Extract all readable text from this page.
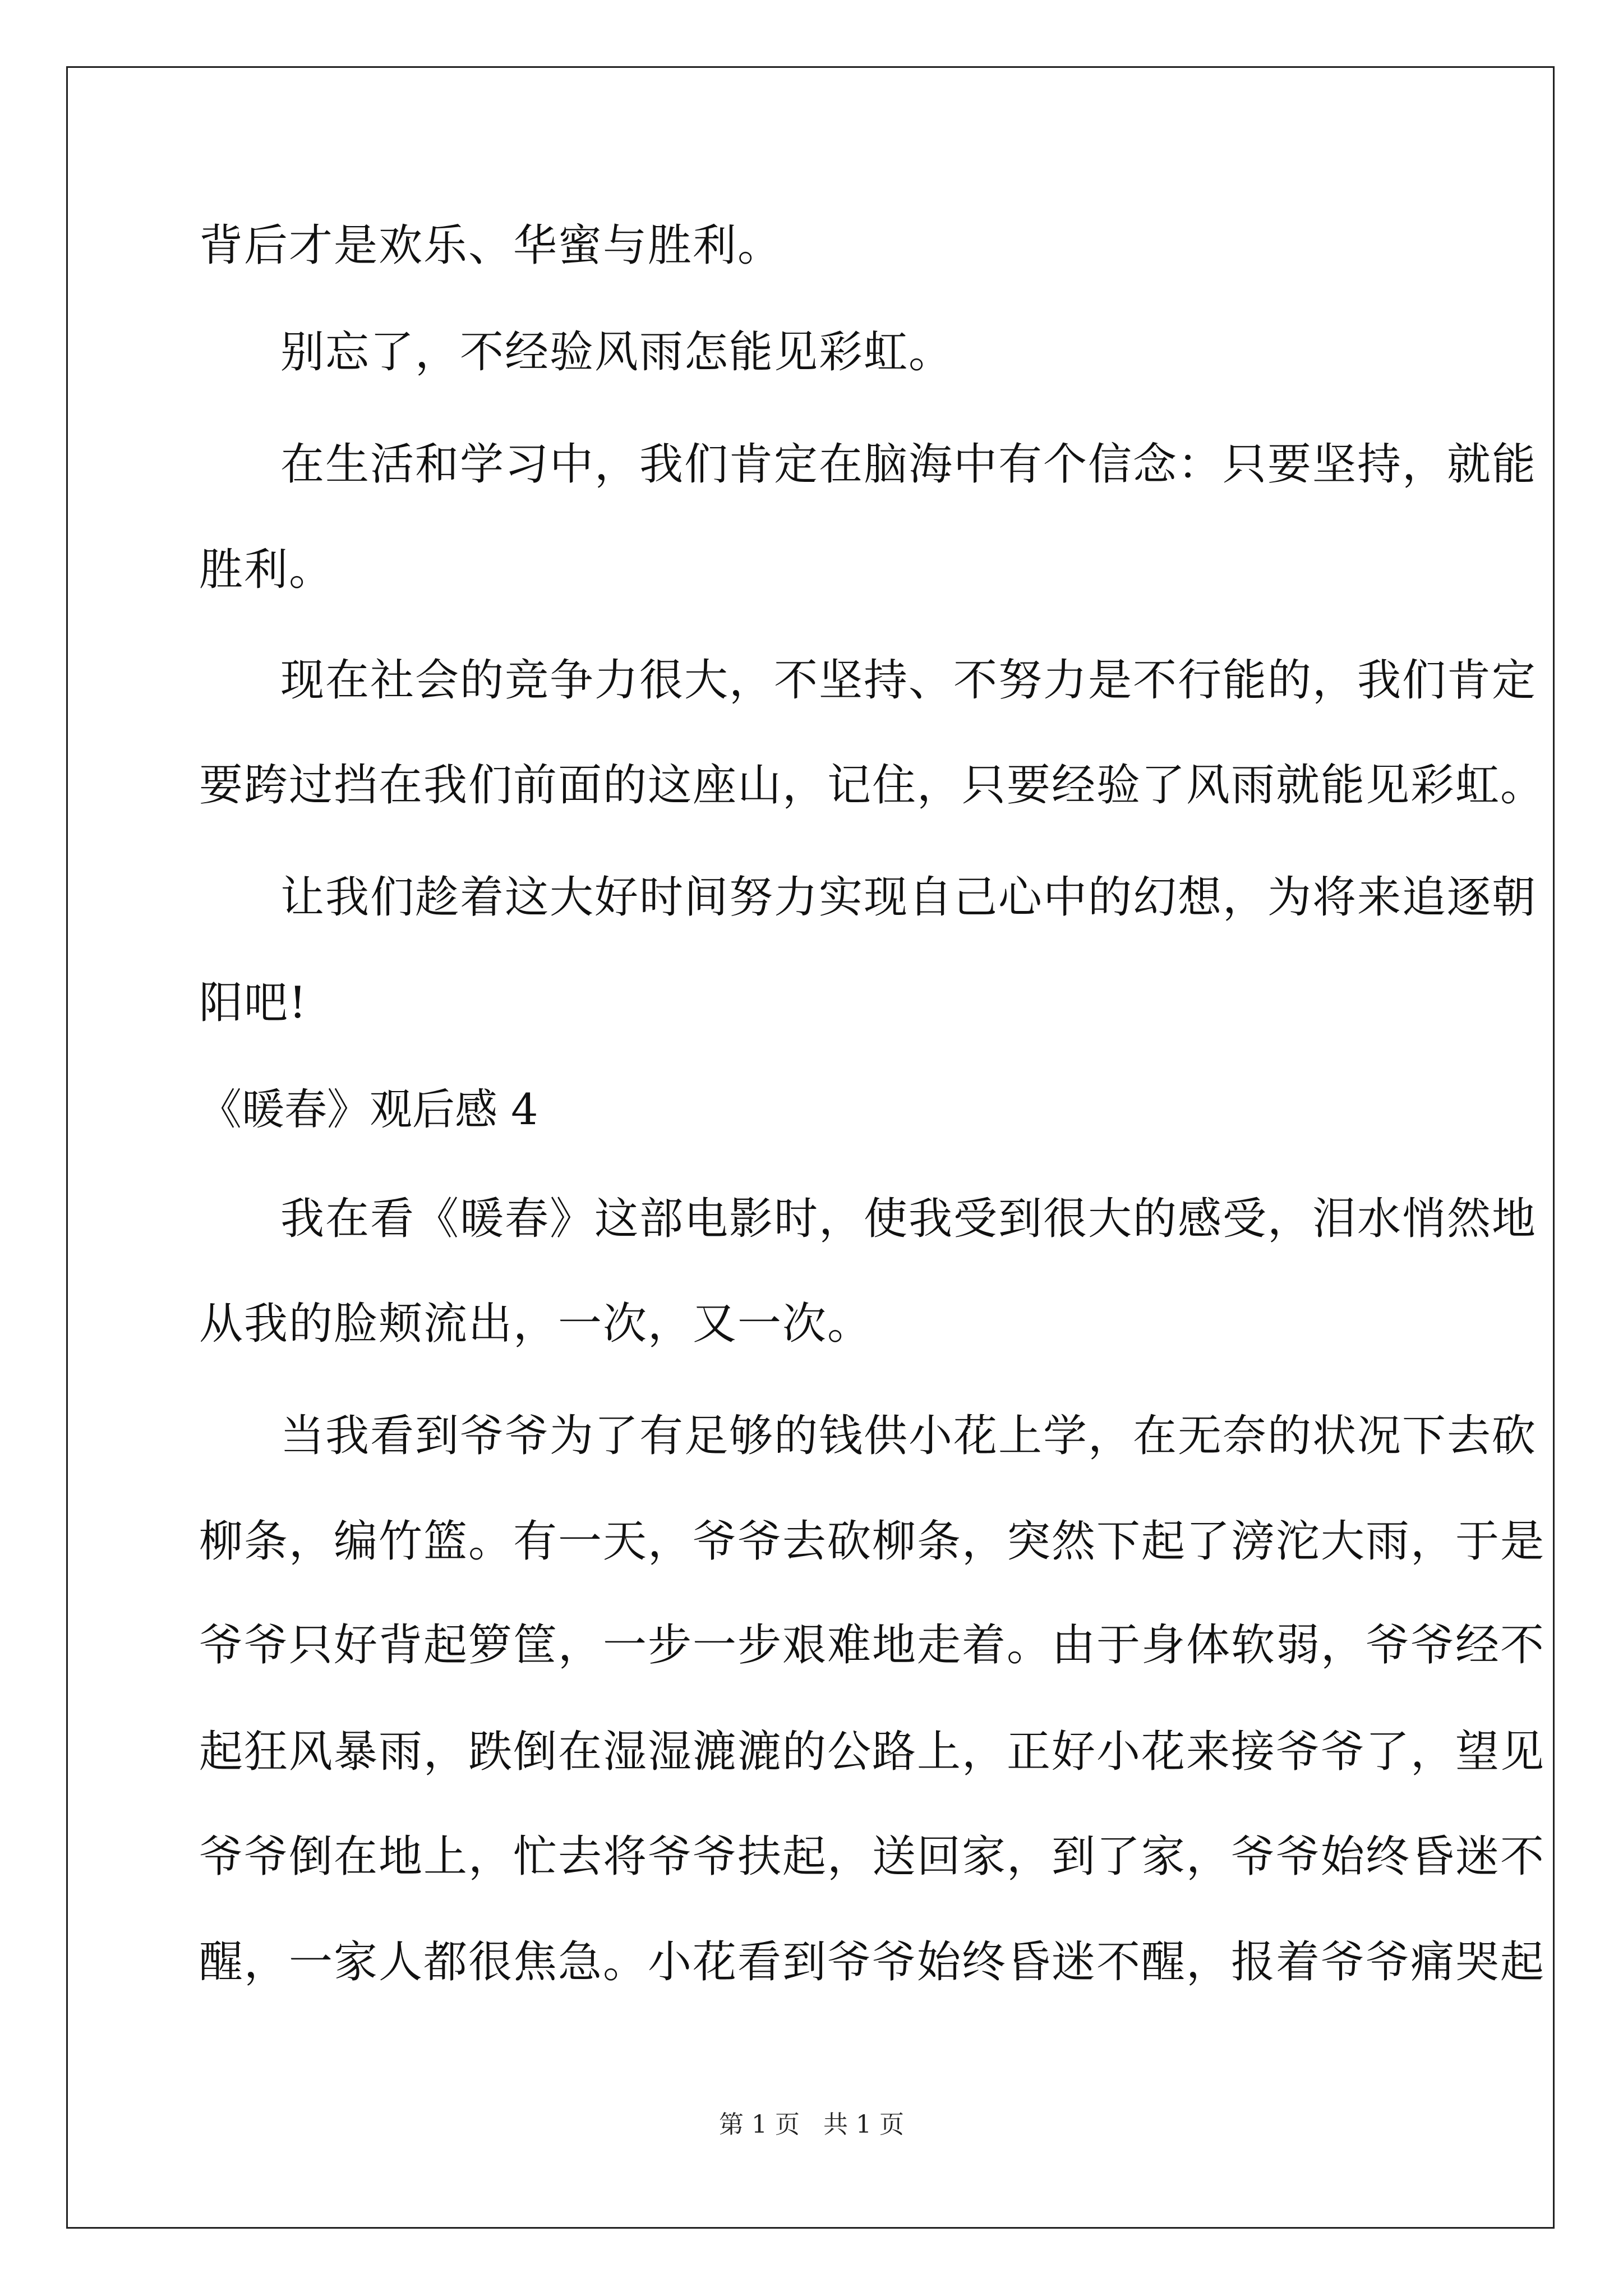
背后才是欢乐、华蜜与胜利。
别忘了，不经验风雨怎能见彩虹。
在生活和学习中，我们肯定在脑海中有个信念：只要坚持，就能
胜利。
现在社会的竞争力很大，不坚持、不努力是不行能的，我们肯定
要跨过挡在我们前面的这座山，记住，只要经验了风雨就能见彩虹。
让我们趁着这大好时间努力实现自己心中的幻想，为将来追逐朝
阳吧!
《暖春》观后感 4
我在看《暖春》这部电影时，使我受到很大的感受，泪水悄然地
从我的脸颊流出，一次，又一次。
当我看到爷爷为了有足够的钱供小花上学，在无奈的状况下去砍
柳条，编竹篮。有一天，爷爷去砍柳条，突然下起了滂沱大雨，于是
爷爷只好背起箩筐，一步一步艰难地走着。由于身体软弱，爷爷经不
起狂风暴雨，跌倒在湿湿漉漉的公路上，正好小花来接爷爷了，望见
爷爷倒在地上，忙去将爷爷扶起，送回家，到了家，爷爷始终昏迷不
醒，一家人都很焦急。小花看到爷爷始终昏迷不醒，报着爷爷痛哭起
第 1 页 共 1 页
